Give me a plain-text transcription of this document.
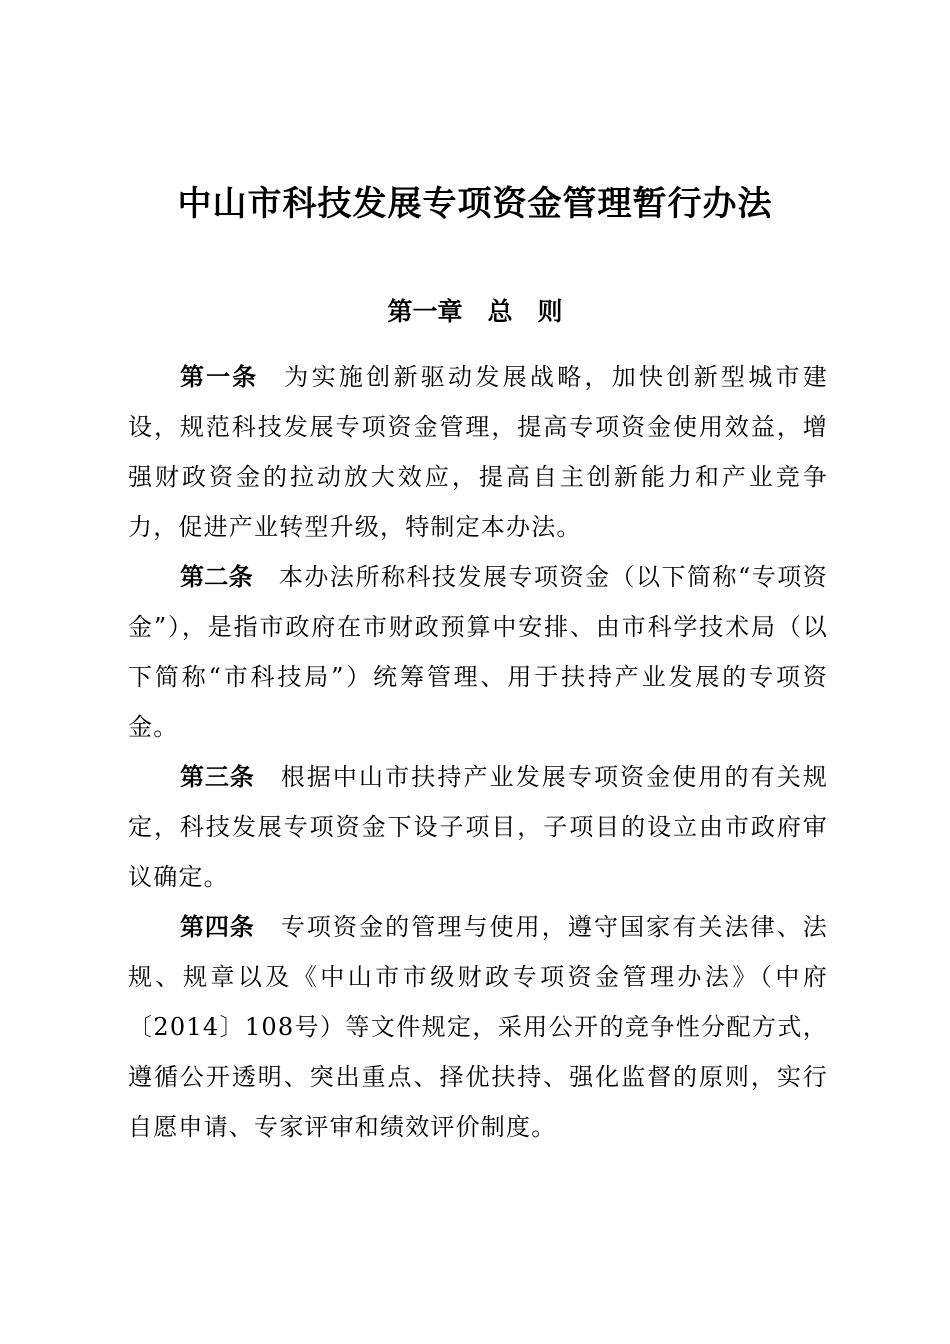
中山市科技发展专项资金管理暂行办法
第一章　总　则

第一条 为实施创新驱动发展战略，加快创新型城市建设，规范科技发展专项资金管理，提高专项资金使用效益，增强财政资金的拉动放大效应，提高自主创新能力和产业竞争力，促进产业转型升级，特制定本办法。

第二条 本办法所称科技发展专项资金（以下简称“专项资金”），是指市政府在市财政预算中安排、由市科学技术局（以下简称“市科技局”）统筹管理、用于扶持产业发展的专项资金。

第三条 根据中山市扶持产业发展专项资金使用的有关规定，科技发展专项资金下设子项目，子项目的设立由市政府审议确定。

第四条 专项资金的管理与使用，遵守国家有关法律、法规、规章以及《中山市市级财政专项资金管理办法》（中府〔2014〕108号）等文件规定，采用公开的竞争性分配方式，遵循公开透明、突出重点、择优扶持、强化监督的原则，实行自愿申请、专家评审和绩效评价制度。
